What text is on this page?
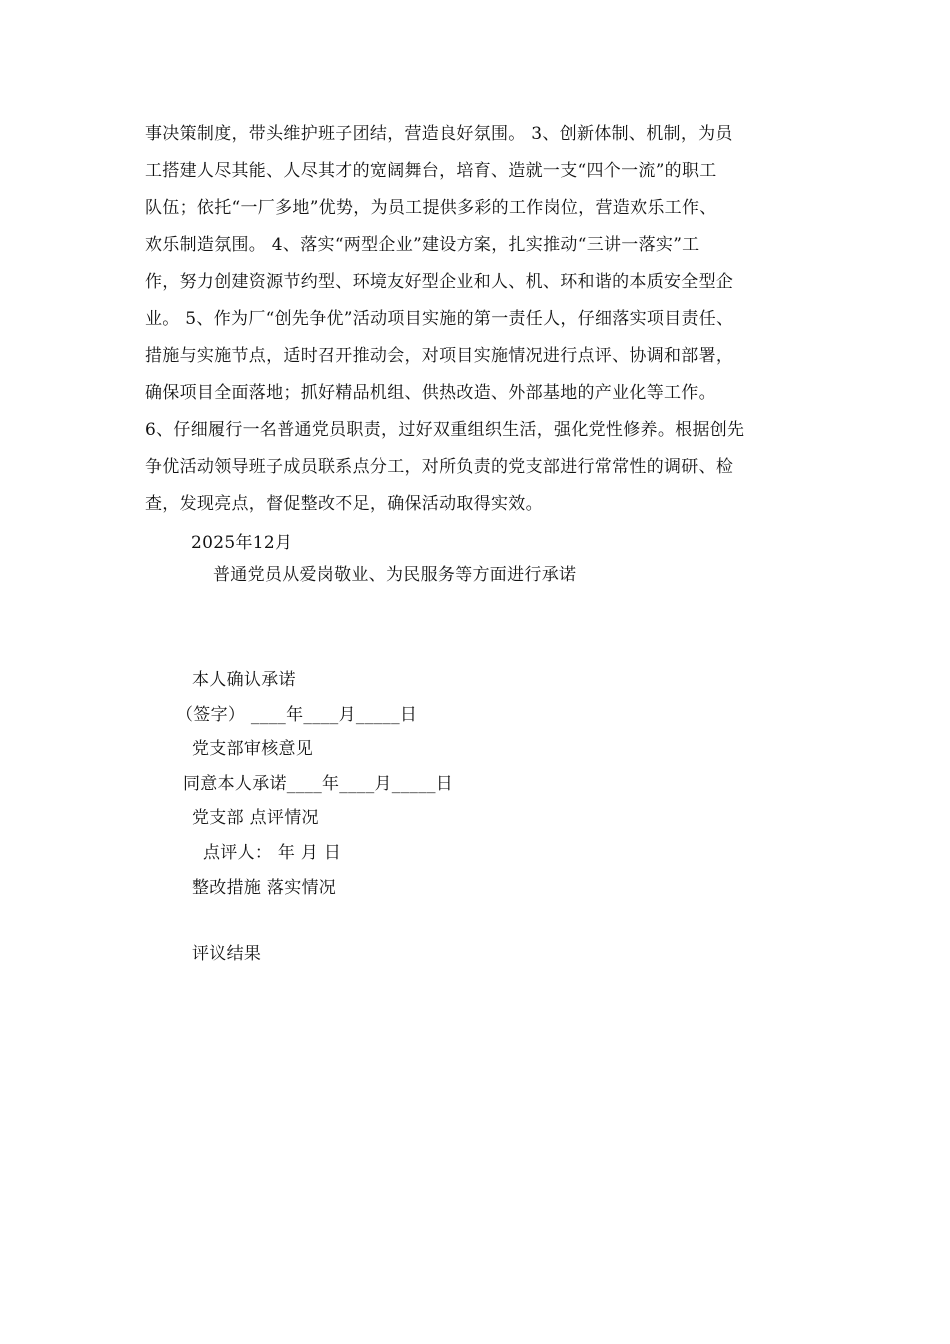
事决策制度，带头维护班子团结，营造良好氛围。 3、创新体制、机制，为员
工搭建人尽其能、人尽其才的宽阔舞台，培育、造就一支“四个一流”的职工
队伍；依托“一厂多地”优势，为员工提供多彩的工作岗位，营造欢乐工作、
欢乐制造氛围。 4、落实“两型企业”建设方案，扎实推动“三讲一落实”工
作，努力创建资源节约型、环境友好型企业和人、机、环和谐的本质安全型企
业。 5、作为厂“创先争优”活动项目实施的第一责任人，仔细落实项目责任、
措施与实施节点，适时召开推动会，对项目实施情况进行点评、协调和部署，
确保项目全面落地；抓好精品机组、供热改造、外部基地的产业化等工作。
6、仔细履行一名普通党员职责，过好双重组织生活，强化党性修养。根据创先
争优活动领导班子成员联系点分工，对所负责的党支部进行常常性的调研、检
查，发现亮点，督促整改不足，确保活动取得实效。
2025年12月
普通党员从爱岗敬业、为民服务等方面进行承诺
本人确认承诺
（签字） ____年____月_____日
党支部审核意见
同意本人承诺____年____月_____日
党支部 点评情况
点评人： 年 月 日
整改措施 落实情况
评议结果
